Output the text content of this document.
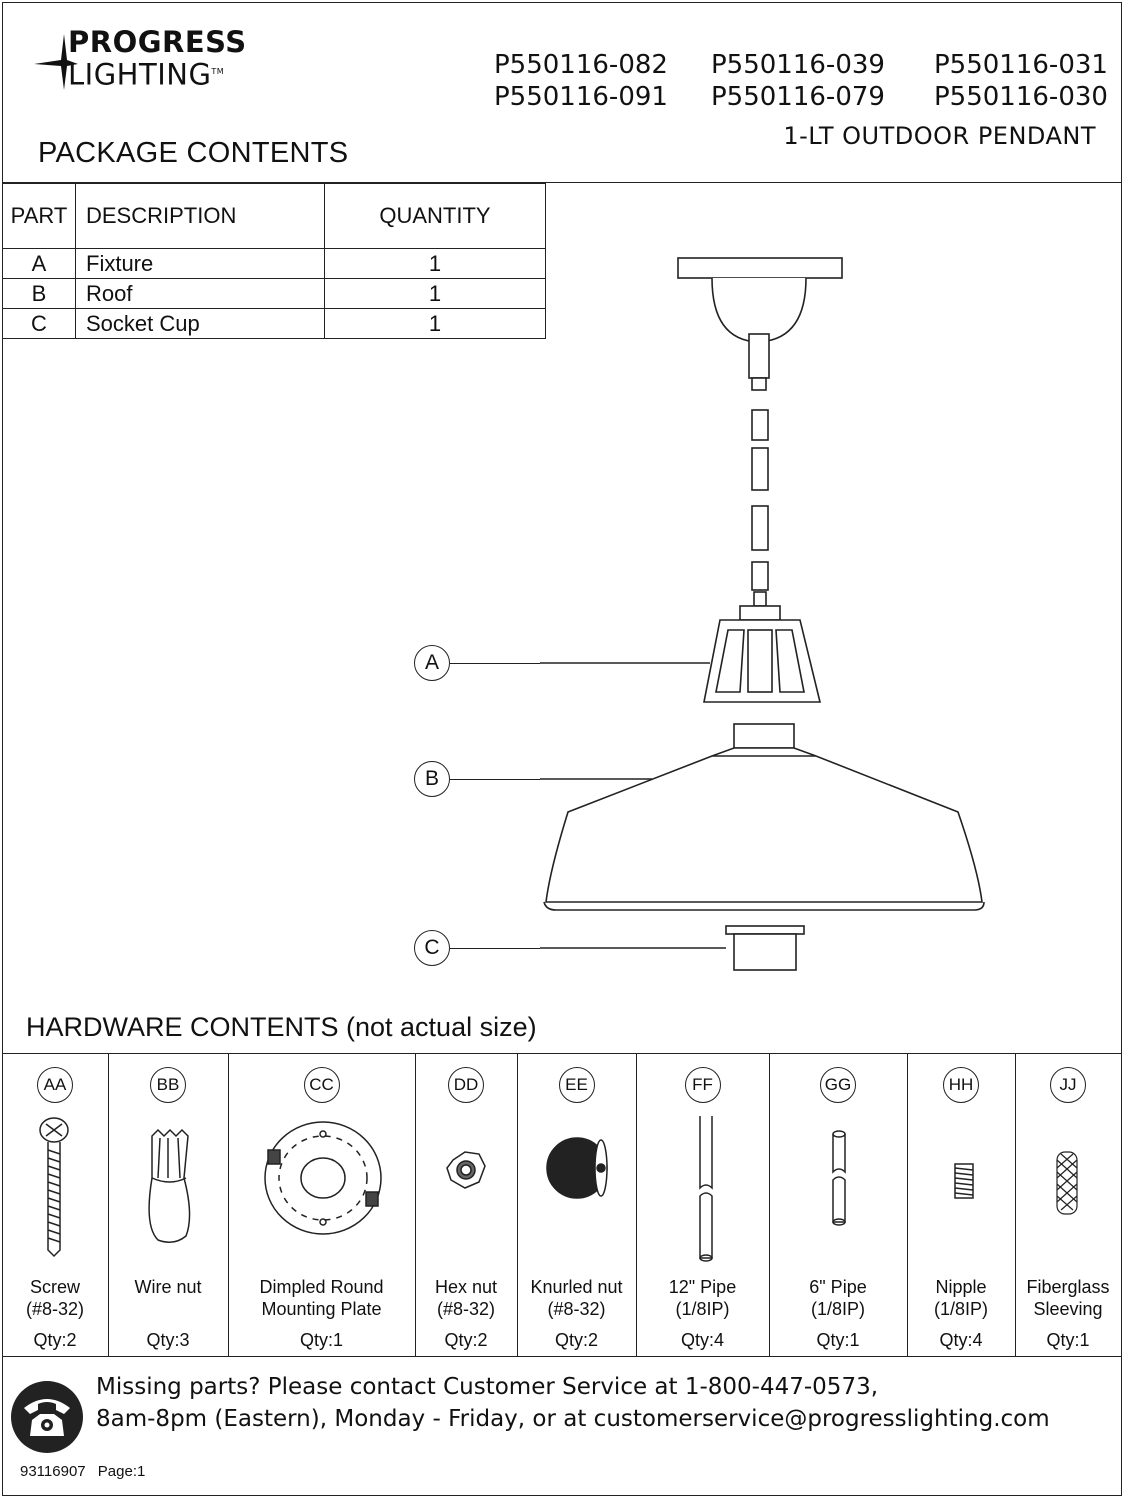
PROGRESS
LIGHTING™	P550116-082
P550116-091
P550116-039
P550116-079
P550116-031
P550116-030
1-LT OUTDOOR PENDANT
PACKAGE CONTENTS
PART	DESCRIPTION	QUANTITY
A	Fixture	1
B	Roof	1
C	Socket Cup	1
A
B
C
HARDWARE CONTENTS (not actual size)
AA
Screw
(#8-32)
Qty:2
BB
Wire nut
Qty:3
CC
Dimpled Round
Mounting Plate
Qty:1
DD
Hex nut
(#8-32)
Qty:2
EE
Knurled nut
(#8-32)
Qty:2
FF
12" Pipe
(1/8IP)
Qty:4
GG
6" Pipe
(1/8IP)
Qty:1
HH
Nipple
(1/8IP)
Qty:4
JJ
Fiberglass
Sleeving
Qty:1
Missing parts? Please contact Customer Service at 1-800-447-0573,
8am-8pm (Eastern), Monday - Friday, or at customerservice@progresslighting.com
93116907 Page:1
